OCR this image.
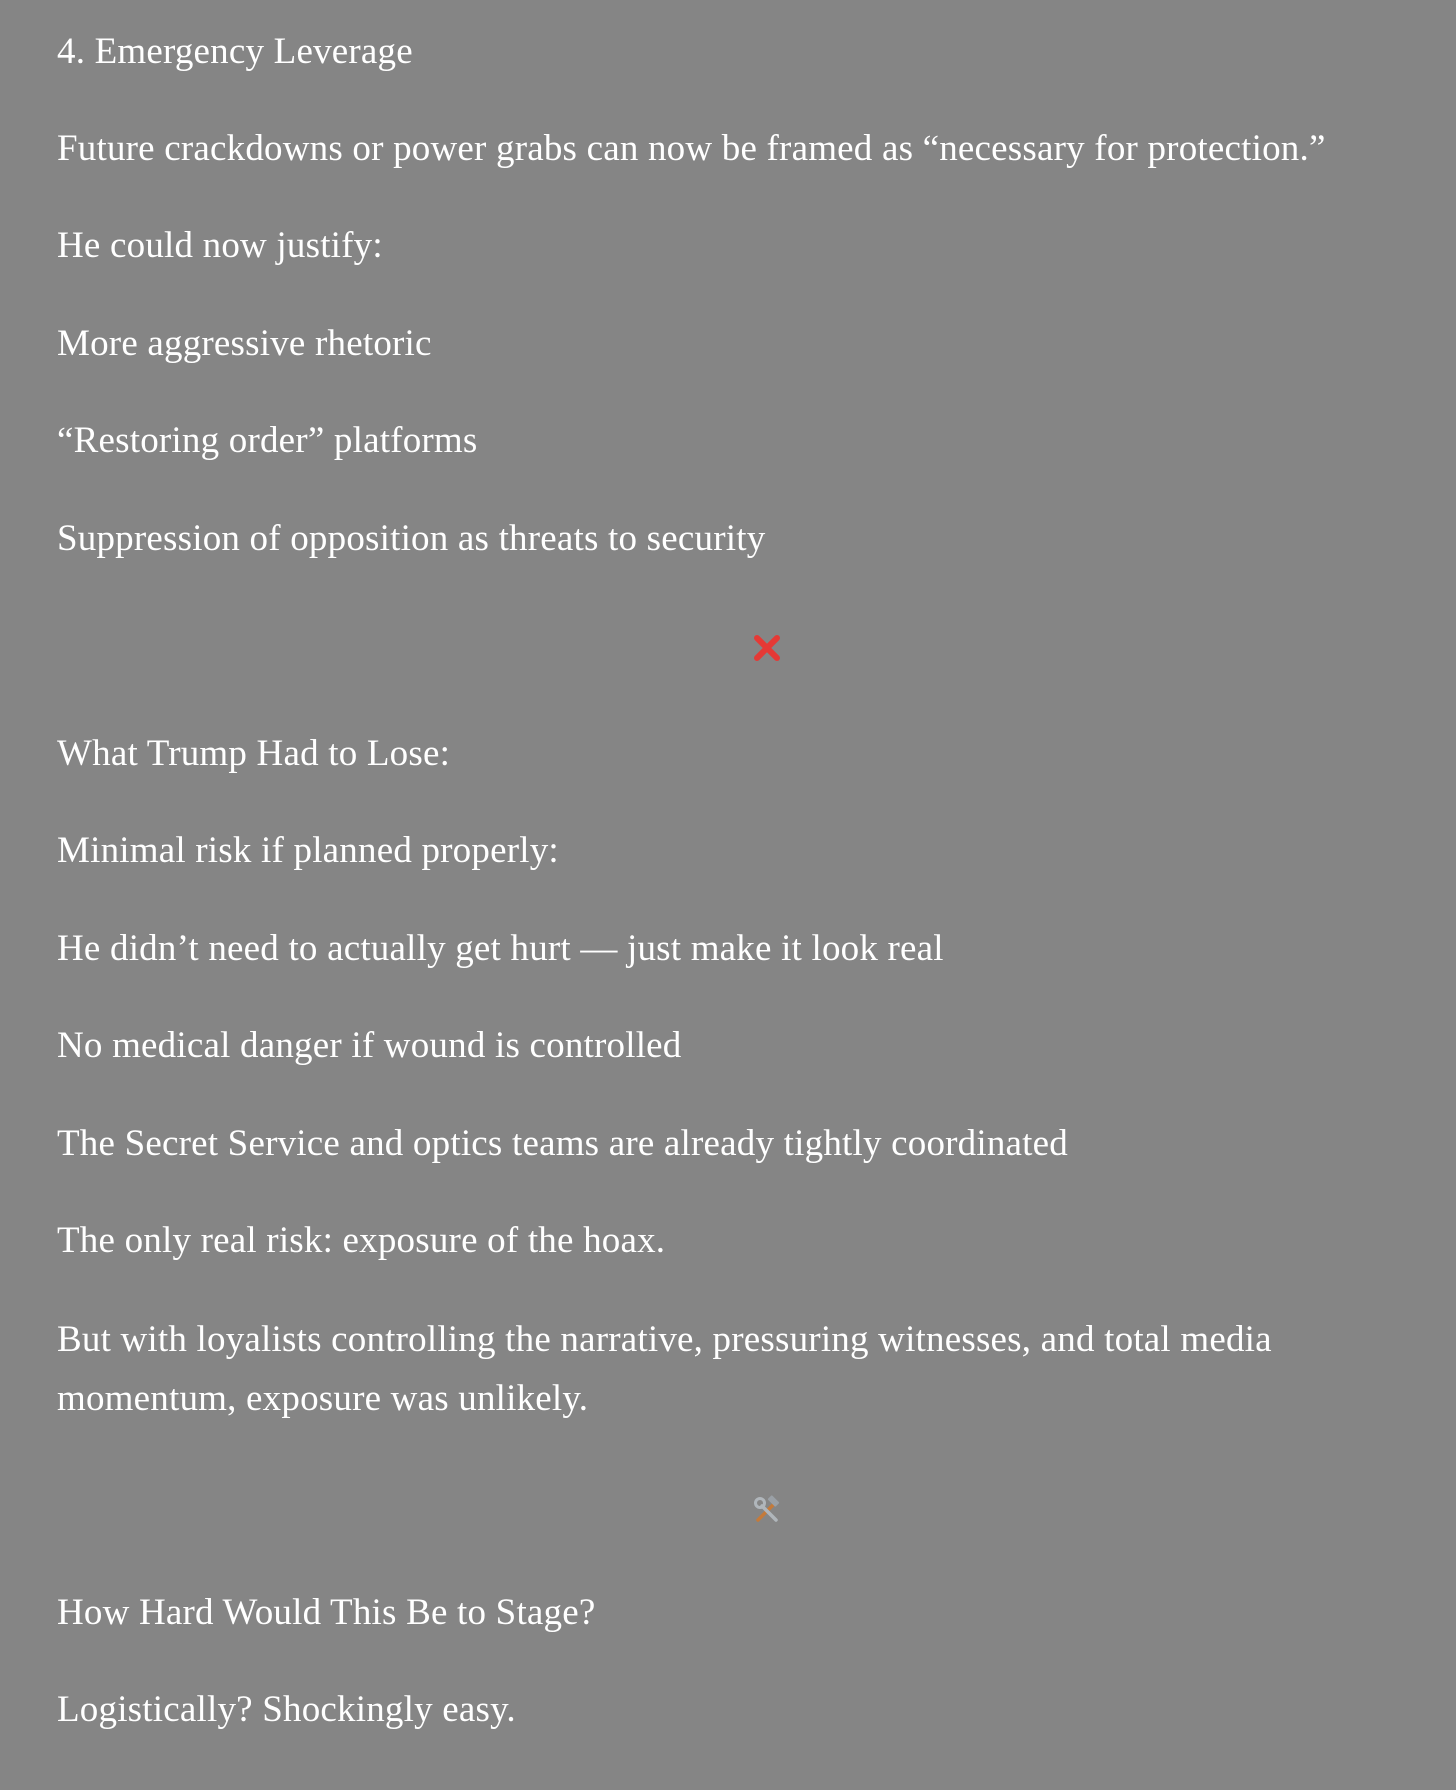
4. Emergency Leverage

Future crackdowns or power grabs can now be framed as “necessary for protection.”

He could now justify:

More aggressive rhetoric

“Restoring order” platforms

Suppression of opposition as threats to security

What Trump Had to Lose:

Minimal risk if planned properly:

He didn’t need to actually get hurt — just make it look real

No medical danger if wound is controlled

The Secret Service and optics teams are already tightly coordinated

The only real risk: exposure of the hoax.

But with loyalists controlling the narrative, pressuring witnesses, and total media momentum, exposure was unlikely.

How Hard Would This Be to Stage?

Logistically? Shockingly easy.
